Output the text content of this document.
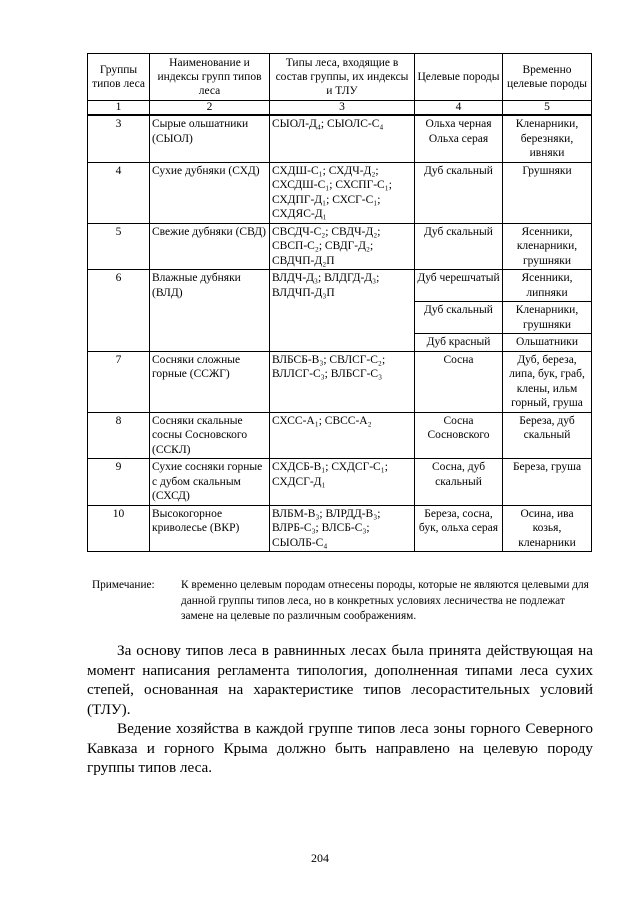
Группы типов леса	Наименование и индексы групп типов леса	Типы леса, входящие в состав группы, их индексы и ТЛУ	Целевые породы	Временно целевые породы
1	2	3	4	5
3	Сырые ольшатники (СЫОЛ)	СЫОЛ-Д₄; СЫОЛС-С₄	Ольха черная Ольха серая	Кленарники, березняки, ивняки
4	Сухие дубняки (СХД)	СХДШ-С₁; СХДЧ-Д₂; СХСДШ-С₁; СХСПГ-С₁; СХДПГ-Д₁; СХСГ-С₁; СХДЯС-Д₁	Дуб скальный	Грушняки
5	Свежие дубняки (СВД)	СВСДЧ-С₂; СВДЧ-Д₂; СВСП-С₂; СВДГ-Д₂; СВДЧП-Д₂П	Дуб скальный	Ясенники, кленарники, грушняки
6	Влажные дубняки (ВЛД)	ВЛДЧ-Д₃; ВЛДГД-Д₃; ВЛДЧП-Д₃П	Дуб черешчатый	Ясенники, липняки
			Дуб скальный	Кленарники, грушняки
			Дуб красный	Ольшатники
7	Сосняки сложные горные (ССЖГ)	ВЛБСБ-В₃; СВЛСГ-С₂; ВЛЛСГ-С₃; ВЛБСГ-С₃	Сосна	Дуб, береза, липа, бук, граб, клены, ильм горный, груша
8	Сосняки скальные сосны Сосновского (ССКЛ)	СХСС-А₁; СВСС-А₂	Сосна Сосновского	Береза, дуб скальный
9	Сухие сосняки горные с дубом скальным (СХСД)	СХДСБ-В₁; СХДСГ-С₁; СХДСГ-Д₁	Сосна, дуб скальный	Береза, груша
10	Высокогорное криволесье (ВКР)	ВЛБМ-В₃; ВЛРДД-В₃; ВЛРБ-С₃; ВЛСБ-С₃; СЫОЛБ-С₄	Береза, сосна, бук, ольха серая	Осина, ива козья, кленарники
Примечание: К временно целевым породам отнесены породы, которые не являются целевыми для данной группы типов леса, но в конкретных условиях лесничества не подлежат замене на целевые по различным соображениям.

За основу типов леса в равнинных лесах была принята действующая на момент написания регламента типология, дополненная типами леса сухих степей, основанная на характеристике типов лесорастительных условий (ТЛУ).

Ведение хозяйства в каждой группе типов леса зоны горного Северного Кавказа и горного Крыма должно быть направлено на целевую породу группы типов леса.

204
